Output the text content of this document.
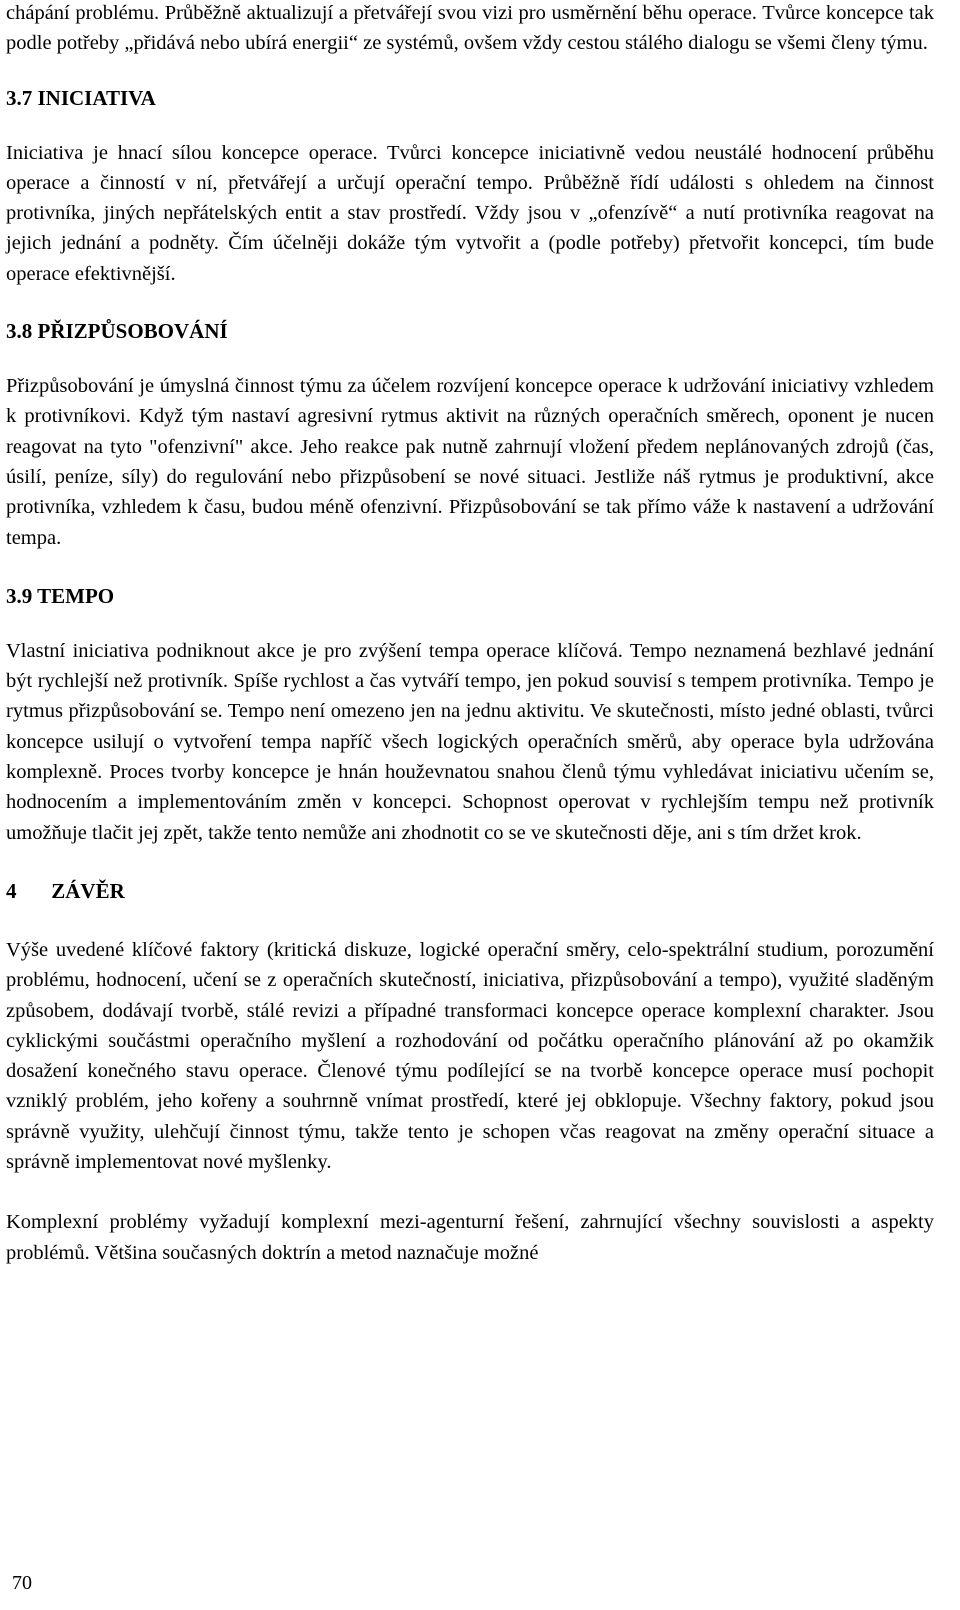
chápání problému. Průběžně aktualizují a přetvářejí svou vizi pro usměrnění běhu operace. Tvůrce koncepce tak podle potřeby „přidává nebo ubírá energii“ ze systémů, ovšem vždy cestou stálého dialogu se všemi členy týmu.

3.7 INICIATIVA

Iniciativa je hnací sílou koncepce operace. Tvůrci koncepce iniciativně vedou neustálé hodnocení průběhu operace a činností v ní, přetvářejí a určují operační tempo. Průběžně řídí události s ohledem na činnost protivníka, jiných nepřátelských entit a stav prostředí. Vždy jsou v „ofenzívě“ a nutí protivníka reagovat na jejich jednání a podněty. Čím účelněji dokáže tým vytvořit a (podle potřeby) přetvořit koncepci, tím bude operace efektivnější.

3.8 PŘIZPŮSOBOVÁNÍ

Přizpůsobování je úmyslná činnost týmu za účelem rozvíjení koncepce operace k udržování iniciativy vzhledem k protivníkovi. Když tým nastaví agresivní rytmus aktivit na různých operačních směrech, oponent je nucen reagovat na tyto "ofenzivní" akce. Jeho reakce pak nutně zahrnují vložení předem neplánovaných zdrojů (čas, úsilí, peníze, síly) do regulování nebo přizpůsobení se nové situaci. Jestliže náš rytmus je produktivní, akce protivníka, vzhledem k času, budou méně ofenzivní. Přizpůsobování se tak přímo váže k nastavení a udržování tempa.

3.9 TEMPO

Vlastní iniciativa podniknout akce je pro zvýšení tempa operace klíčová. Tempo neznamená bezhlavé jednání být rychlejší než protivník. Spíše rychlost a čas vytváří tempo, jen pokud souvisí s tempem protivníka. Tempo je rytmus přizpůsobování se. Tempo není omezeno jen na jednu aktivitu. Ve skutečnosti, místo jedné oblasti, tvůrci koncepce usilují o vytvoření tempa napříč všech logických operačních směrů, aby operace byla udržována komplexně. Proces tvorby koncepce je hnán houževnatou snahou členů týmu vyhledávat iniciativu učením se, hodnocením a implementováním změn v koncepci. Schopnost operovat v rychlejším tempu než protivník umožňuje tlačit jej zpět, takže tento nemůže ani zhodnotit co se ve skutečnosti děje, ani s tím držet krok.

4 ZÁVĚR

Výše uvedené klíčové faktory (kritická diskuze, logické operační směry, celo-spektrální studium, porozumění problému, hodnocení, učení se z operačních skutečností, iniciativa, přizpůsobování a tempo), využité sladěným způsobem, dodávají tvorbě, stálé revizi a případné transformaci koncepce operace komplexní charakter. Jsou cyklickými součástmi operačního myšlení a rozhodování od počátku operačního plánování až po okamžik dosažení konečného stavu operace. Členové týmu podílející se na tvorbě koncepce operace musí pochopit vzniklý problém, jeho kořeny a souhrnně vnímat prostředí, které jej obklopuje. Všechny faktory, pokud jsou správně využity, ulehčují činnost týmu, takže tento je schopen včas reagovat na změny operační situace a správně implementovat nové myšlenky.

Komplexní problémy vyžadují komplexní mezi-agenturní řešení, zahrnující všechny souvislosti a aspekty problémů. Většina současných doktrín a metod naznačuje možné

70
